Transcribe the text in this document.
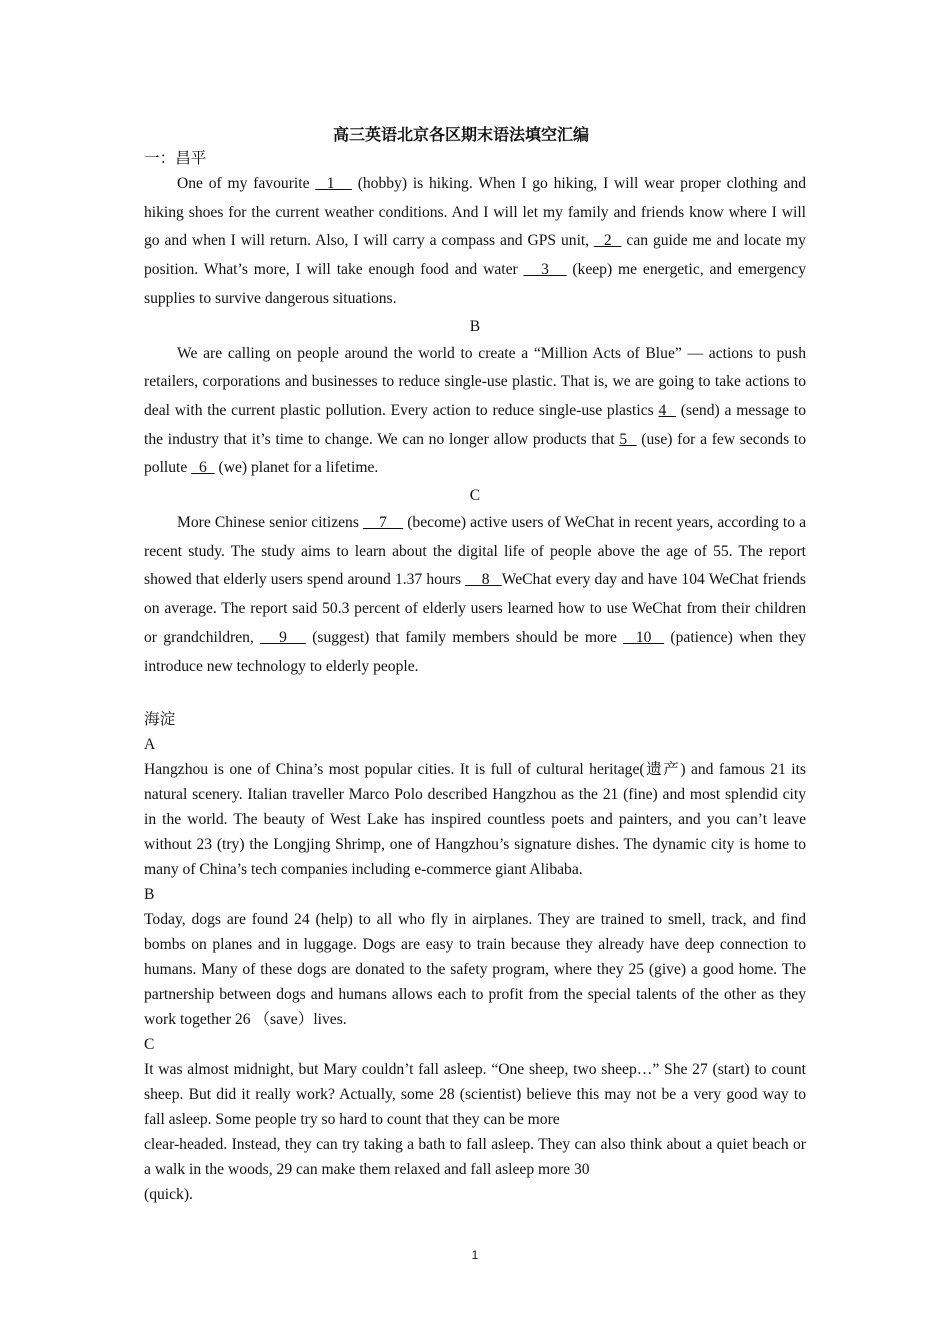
高三英语北京各区期末语法填空汇编

一：昌平

One of my favourite   1    (hobby) is hiking. When I go hiking, I will wear proper clothing and hiking shoes for the current weather conditions. And I will let my family and friends know where I will go and when I will return. Also, I will carry a compass and GPS unit,   2   can guide me and locate my position. What’s more, I will take enough food and water    3    (keep) me energetic, and emergency supplies to survive dangerous situations.

B

We are calling on people around the world to create a “Million Acts of Blue” — actions to push retailers, corporations and businesses to reduce single-use plastic. That is, we are going to take actions to deal with the current plastic pollution. Every action to reduce single-use plastics 4   (send) a message to the industry that it’s time to change. We can no longer allow products that 5   (use) for a few seconds to pollute   6   (we) planet for a lifetime.

C

More Chinese senior citizens     7     (become) active users of WeChat in recent years, according to a recent study. The study aims to learn about the digital life of people above the age of 55. The report showed that elderly users spend around 1.37 hours     8   WeChat every day and have 104 WeChat friends on average. The report said 50.3 percent of elderly users learned how to use WeChat from their children or grandchildren,    9    (suggest) that family members should be more   10   (patience) when they introduce new technology to elderly people.

海淀

A

Hangzhou is one of China’s most popular cities. It is full of cultural heritage(遗产) and famous 21 its natural scenery. Italian traveller Marco Polo described Hangzhou as the 21 (fine) and most splendid city in the world. The beauty of West Lake has inspired countless poets and painters, and you can’t leave without 23 (try) the Longjing Shrimp, one of Hangzhou’s signature dishes. The dynamic city is home to many of China’s tech companies including e-commerce giant Alibaba.

B

Today, dogs are found 24 (help) to all who fly in airplanes. They are trained to smell, track, and find bombs on planes and in luggage. Dogs are easy to train because they already have deep connection to humans. Many of these dogs are donated to the safety program, where they 25 (give) a good home. The partnership between dogs and humans allows each to profit from the special talents of the other as they work together 26 （save）lives.

C

It was almost midnight, but Mary couldn’t fall asleep. “One sheep, two sheep…” She 27 (start) to count sheep. But did it really work? Actually, some 28 (scientist) believe this may not be a very good way to fall asleep. Some people try so hard to count that they can be more

clear-headed. Instead, they can try taking a bath to fall asleep. They can also think about a quiet beach or a walk in the woods, 29 can make them relaxed and fall asleep more 30

(quick).

1
